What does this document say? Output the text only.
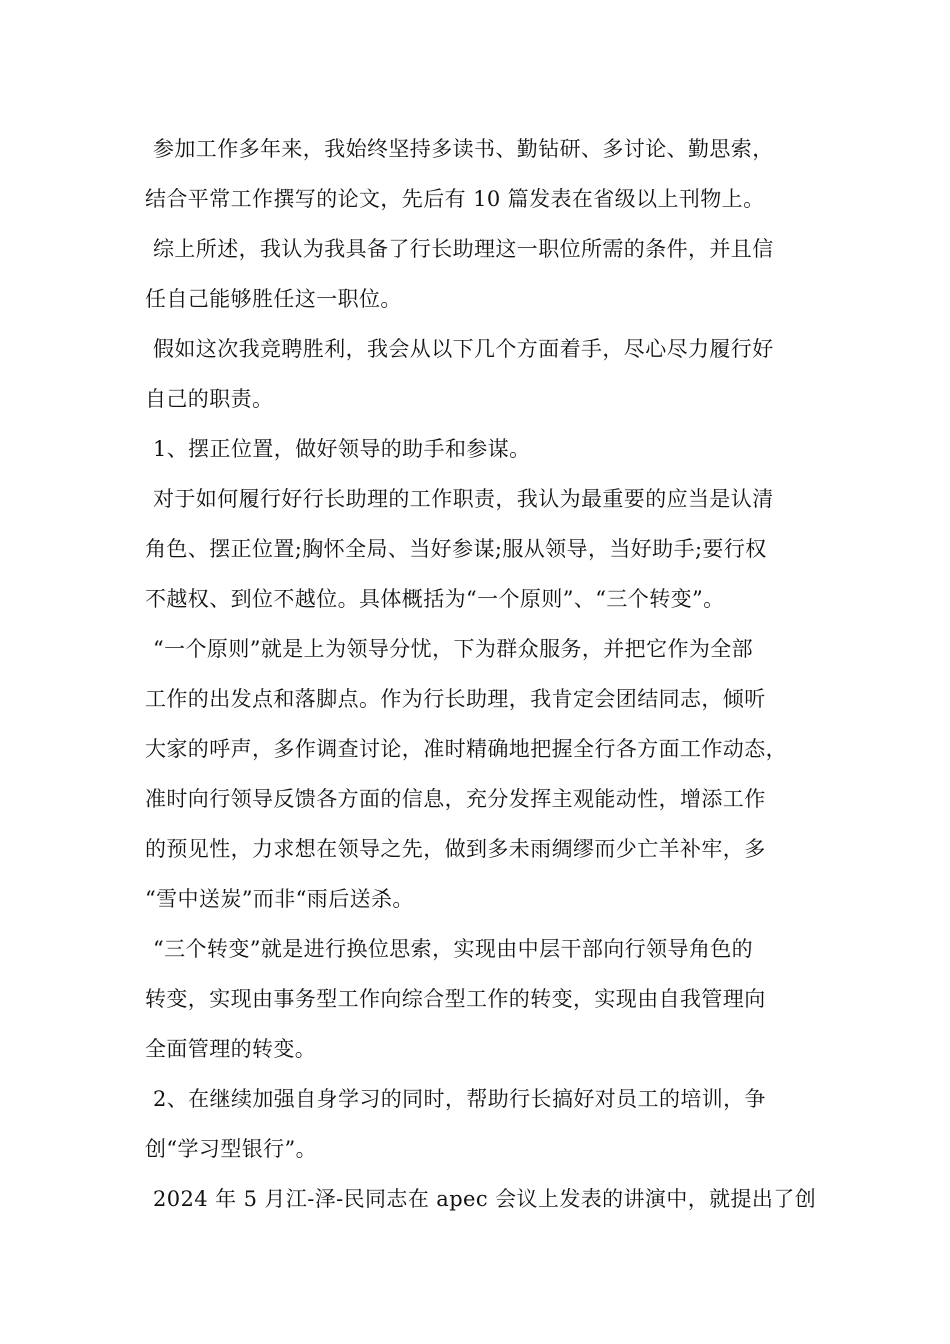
参加工作多年来，我始终坚持多读书、勤钻研、多讨论、勤思索，
结合平常工作撰写的论文，先后有 10 篇发表在省级以上刊物上。
综上所述，我认为我具备了行长助理这一职位所需的条件，并且信
任自己能够胜任这一职位。
假如这次我竞聘胜利，我会从以下几个方面着手，尽心尽力履行好
自己的职责。
1、摆正位置，做好领导的助手和参谋。
对于如何履行好行长助理的工作职责，我认为最重要的应当是认清
角色、摆正位置;胸怀全局、当好参谋;服从领导，当好助手;要行权
不越权、到位不越位。具体概括为“一个原则”、“三个转变”。
“一个原则”就是上为领导分忧，下为群众服务，并把它作为全部
工作的出发点和落脚点。作为行长助理，我肯定会团结同志，倾听
大家的呼声，多作调查讨论，准时精确地把握全行各方面工作动态，
准时向行领导反馈各方面的信息，充分发挥主观能动性，增添工作
的预见性，力求想在领导之先，做到多未雨绸缪而少亡羊补牢，多
“雪中送炭”而非“雨后送杀。
“三个转变”就是进行换位思索，实现由中层干部向行领导角色的
转变，实现由事务型工作向综合型工作的转变，实现由自我管理向
全面管理的转变。
2、在继续加强自身学习的同时，帮助行长搞好对员工的培训，争
创“学习型银行”。
2024 年 5 月江-泽-民同志在 apec 会议上发表的讲演中，就提出了创
